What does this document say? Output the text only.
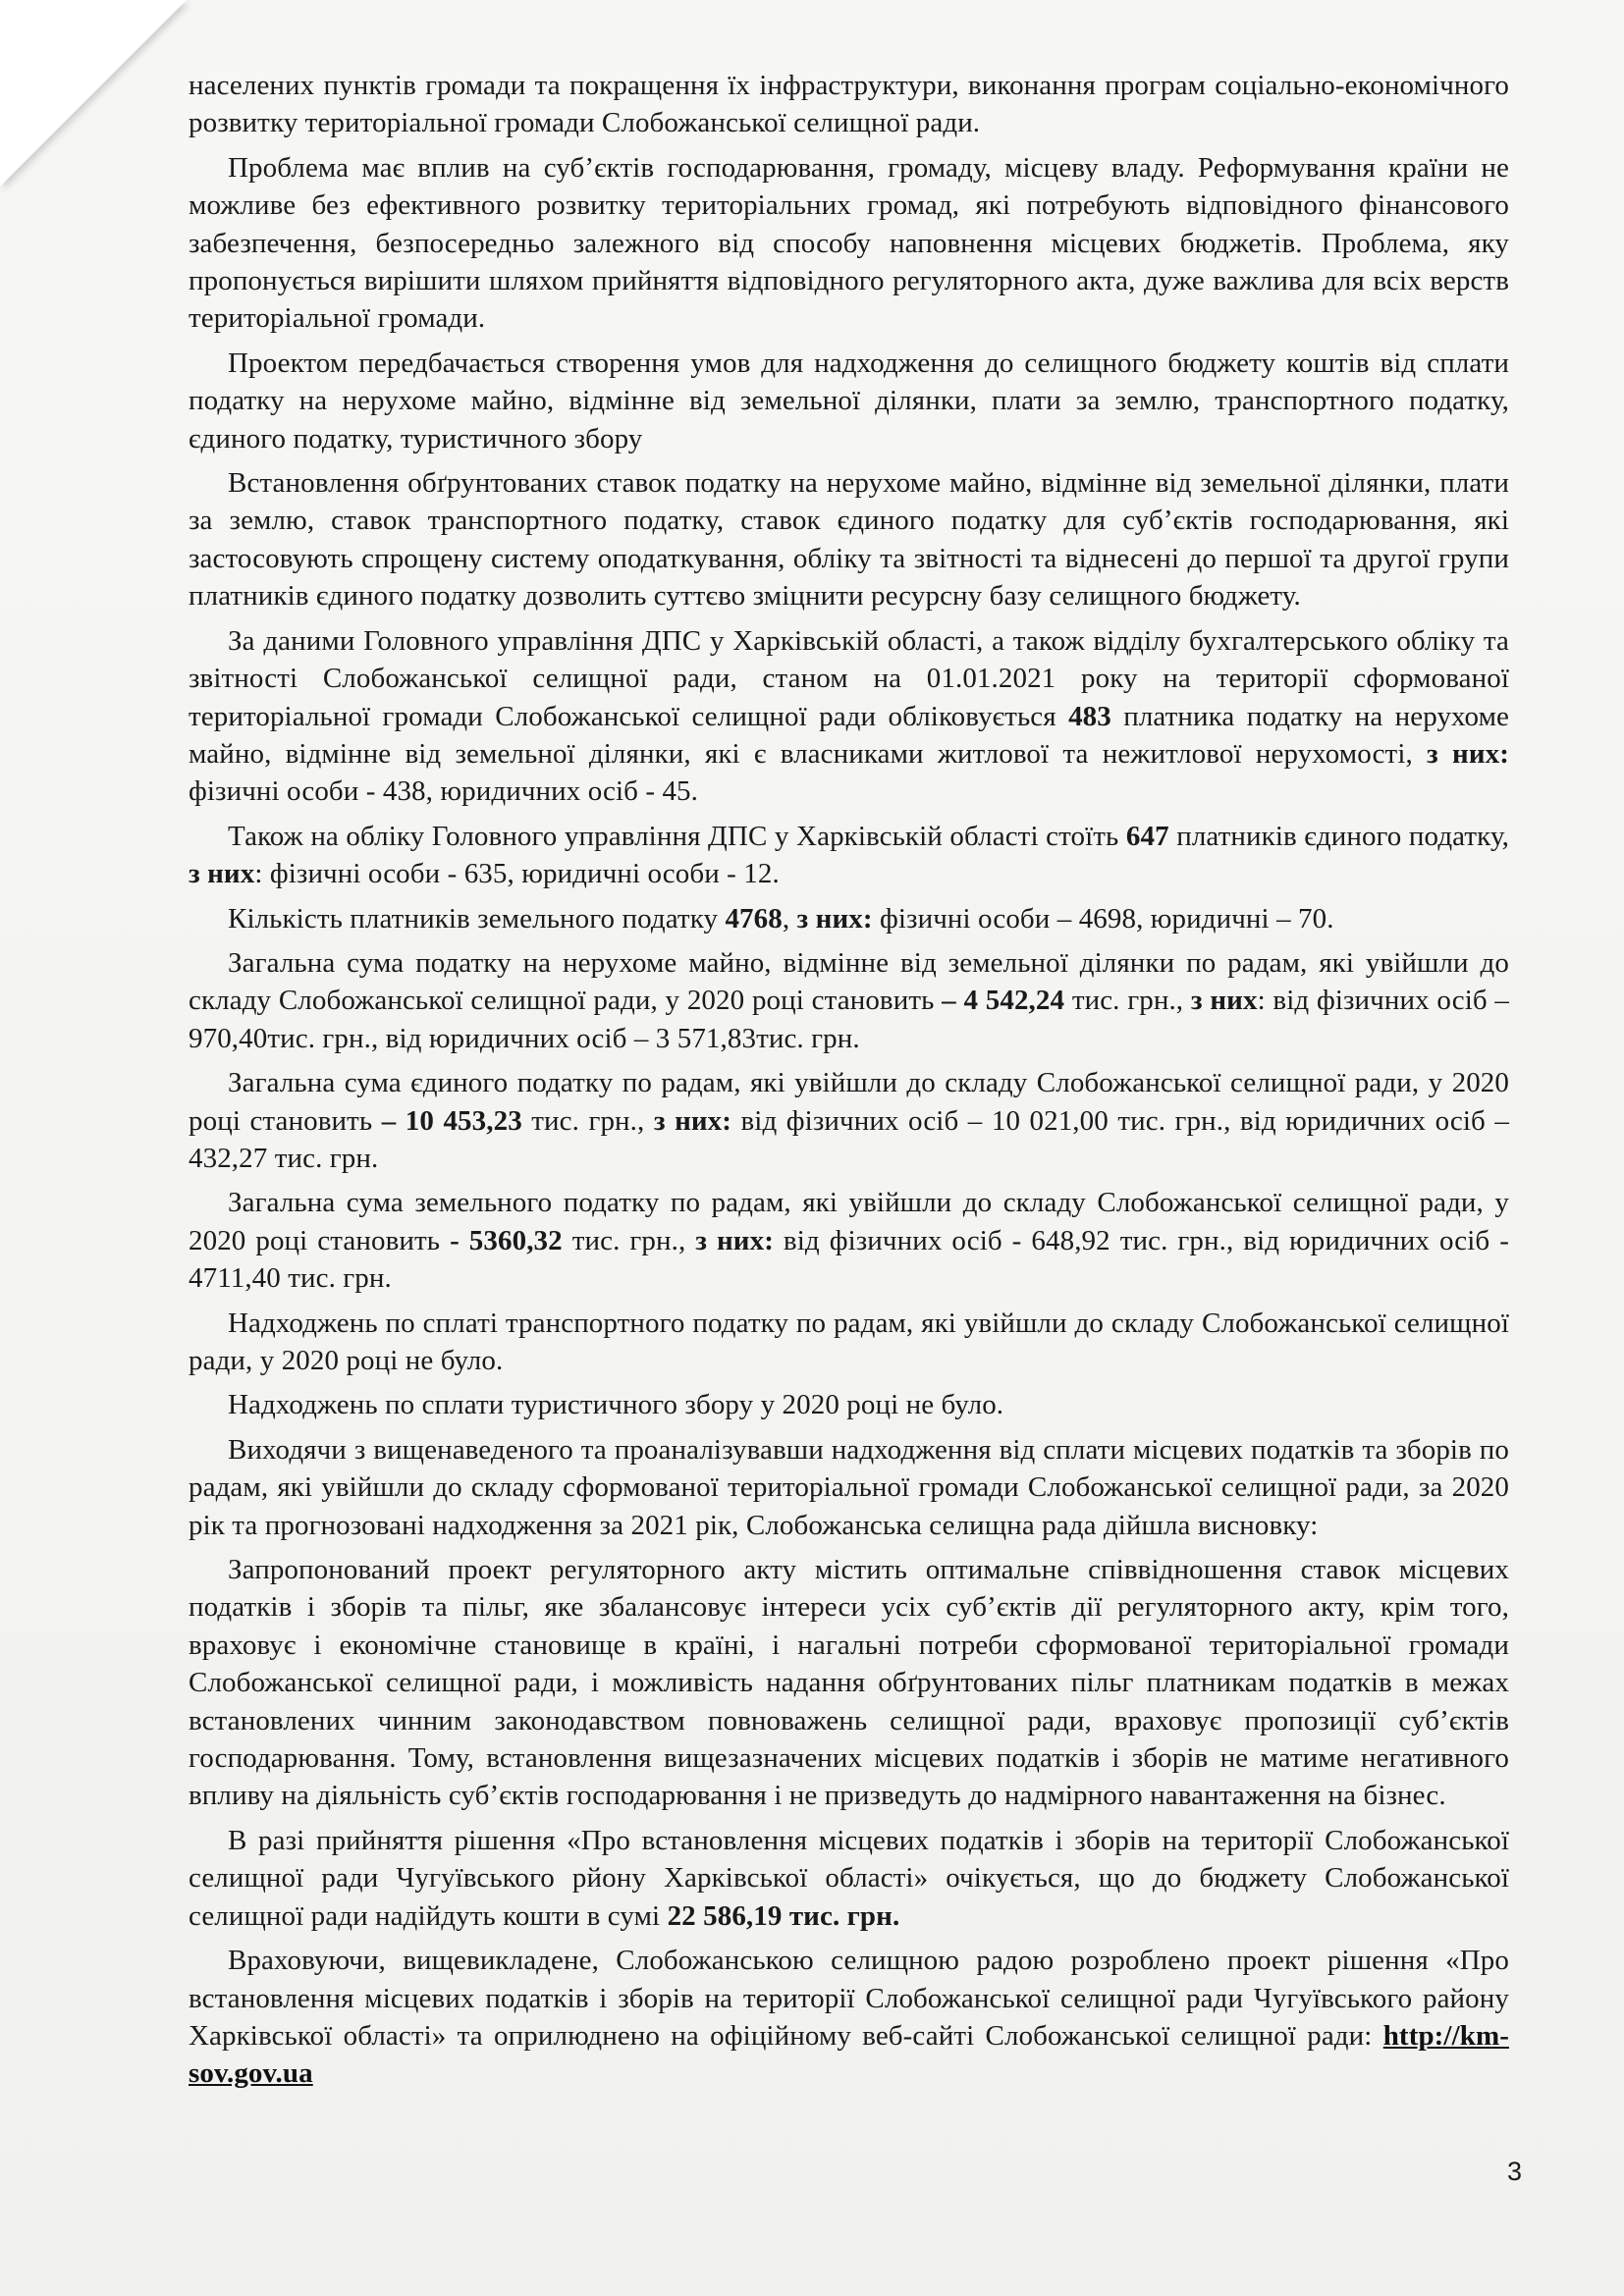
населених пунктів громади та покращення їх інфраструктури, виконання програм соціально-економічного розвитку територіальної громади Слобожанської селищної ради.

Проблема має вплив на суб’єктів господарювання, громаду, місцеву владу. Реформування країни не можливе без ефективного розвитку територіальних громад, які потребують відповідного фінансового забезпечення, безпосередньо залежного від способу наповнення місцевих бюджетів. Проблема, яку пропонується вирішити шляхом прийняття відповідного регуляторного акта, дуже важлива для всіх верств територіальної громади.

Проектом передбачається створення умов для надходження до селищного бюджету коштів від сплати податку на нерухоме майно, відмінне від земельної ділянки, плати за землю, транспортного податку, єдиного податку, туристичного збору

Встановлення обґрунтованих ставок податку на нерухоме майно, відмінне від земельної ділянки, плати за землю, ставок транспортного податку, ставок єдиного податку для суб’єктів господарювання, які застосовують спрощену систему оподаткування, обліку та звітності та віднесені до першої та другої групи платників єдиного податку дозволить суттєво зміцнити ресурсну базу селищного бюджету.

За даними Головного управління ДПС у Харківській області, а також відділу бухгалтерського обліку та звітності Слобожанської селищної ради, станом на 01.01.2021 року на території сформованої територіальної громади Слобожанської селищної ради обліковується 483 платника податку на нерухоме майно, відмінне від земельної ділянки, які є власниками житлової та нежитлової нерухомості, з них: фізичні особи - 438, юридичних осіб - 45.

Також на обліку Головного управління ДПС у Харківській області стоїть 647 платників єдиного податку, з них: фізичні особи - 635, юридичні особи - 12.

Кількість платників земельного податку 4768, з них: фізичні особи – 4698, юридичні – 70.

Загальна сума податку на нерухоме майно, відмінне від земельної ділянки по радам, які увійшли до складу Слобожанської селищної ради, у 2020 році становить – 4 542,24 тис. грн., з них: від фізичних осіб – 970,40тис. грн., від юридичних осіб – 3 571,83тис. грн.

Загальна сума єдиного податку по радам, які увійшли до складу Слобожанської селищної ради, у 2020 році становить – 10 453,23 тис. грн., з них: від фізичних осіб – 10 021,00 тис. грн., від юридичних осіб – 432,27 тис. грн.

Загальна сума земельного податку по радам, які увійшли до складу Слобожанської селищної ради, у 2020 році становить - 5360,32 тис. грн., з них: від фізичних осіб - 648,92 тис. грн., від юридичних осіб - 4711,40 тис. грн.

Надходжень по сплаті транспортного податку по радам, які увійшли до складу Слобожанської селищної ради, у 2020 році не було.

Надходжень по сплати туристичного збору у 2020 році не було.

Виходячи з вищенаведеного та проаналізувавши надходження від сплати місцевих податків та зборів по радам, які увійшли до складу сформованої територіальної громади Слобожанської селищної ради, за 2020 рік та прогнозовані надходження за 2021 рік, Слобожанська селищна рада дійшла висновку:

Запропонований проект регуляторного акту містить оптимальне співвідношення ставок місцевих податків і зборів та пільг, яке збалансовує інтереси усіх суб’єктів дії регуляторного акту, крім того, враховує і економічне становище в країні, і нагальні потреби сформованої територіальної громади Слобожанської селищної ради, і можливість надання обґрунтованих пільг платникам податків в межах встановлених чинним законодавством повноважень селищної ради, враховує пропозиції суб’єктів господарювання. Тому, встановлення вищезазначених місцевих податків і зборів не матиме негативного впливу на діяльність суб’єктів господарювання і не призведуть до надмірного навантаження на бізнес.

В разі прийняття рішення «Про встановлення місцевих податків і зборів на території Слобожанської селищної ради Чугуївського рйону Харківської області» очікується, що до бюджету Слобожанської селищної ради надійдуть кошти в сумі 22 586,19 тис. грн.

Враховуючи, вищевикладене, Слобожанською селищною радою розроблено проект рішення «Про встановлення місцевих податків і зборів на території Слобожанської селищної ради Чугуївського району Харківської області» та оприлюднено на офіційному веб-сайті Слобожанської селищної ради: http://km-sov.gov.ua

3
